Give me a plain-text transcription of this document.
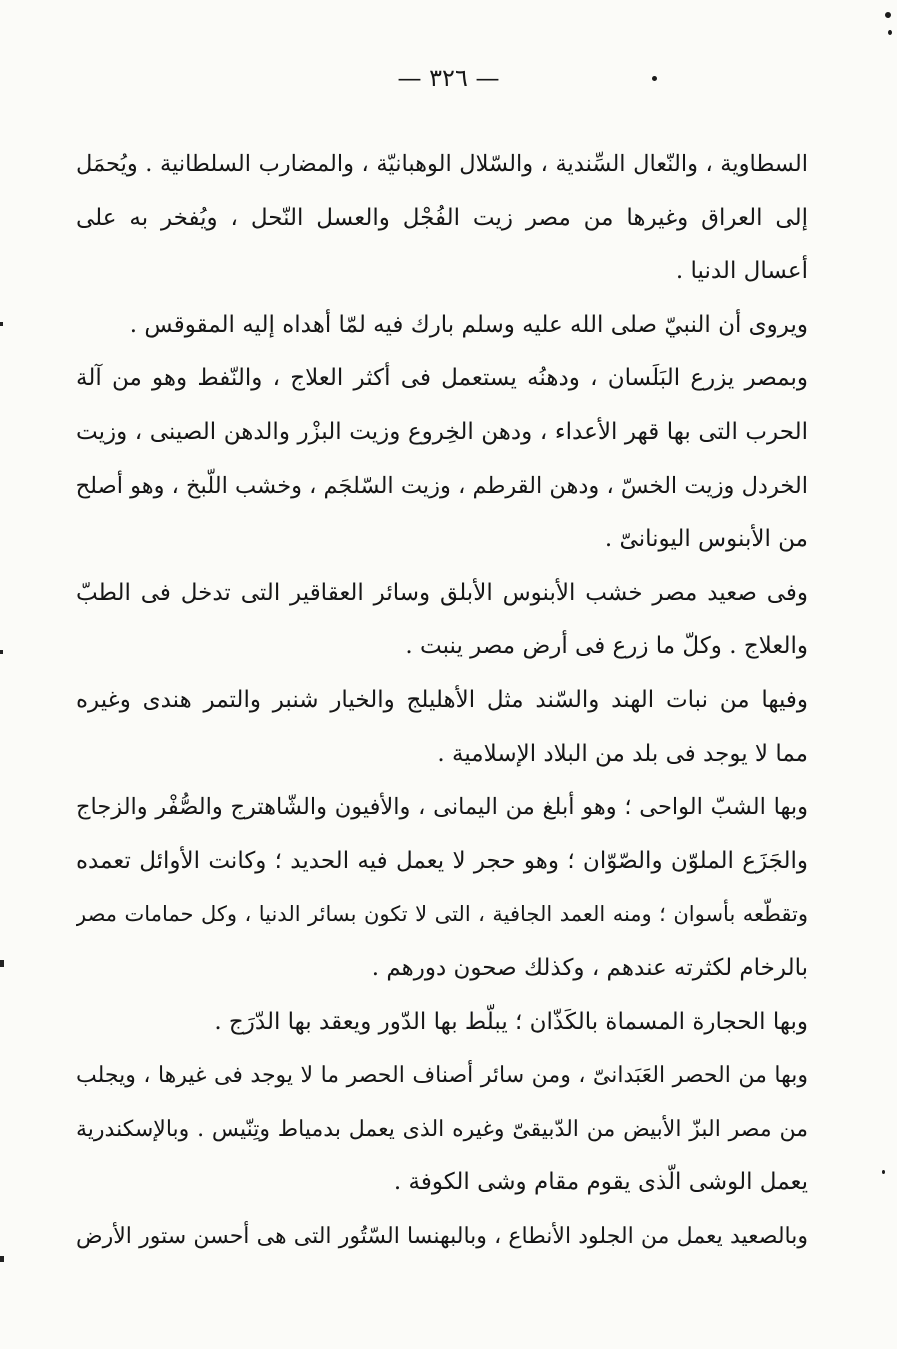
— ٣٢٦ —
السطاوية ، والنّعال السِّندية ، والسّلال الوهبانيّة ، والمضارب السلطانية . ويُحمَل
إلى العراق وغيرها من مصر زيت الفُجْل والعسل النّحل ، ويُفخر به على
أعسال الدنيا .
ويروى أن النبيّ صلى الله عليه وسلم بارك فيه لمّا أهداه إليه المقوقس .
وبمصر يزرع البَلَسان ، ودهنُه يستعمل فى أكثر العلاج ، والنّفط وهو من آلة
الحرب التى بها قهر الأعداء ، ودهن الخِروع وزيت البزْر والدهن الصينى ، وزيت
الخردل وزيت الخسّ ، ودهن القرطم ، وزيت السّلجَم ، وخشب اللّبخ ، وهو أصلح
من الأبنوس اليونانىّ .
وفى صعيد مصر خشب الأبنوس الأبلق وسائر العقاقير التى تدخل فى الطبّ
والعلاج . وكلّ ما زرع فى أرض مصر ينبت .
وفيها من نبات الهند والسّند مثل الأهليلج والخيار شنبر والتمر هندى وغيره
مما لا يوجد فى بلد من البلاد الإسلامية .
وبها الشبّ الواحى ؛ وهو أبلغ من اليمانى ، والأفيون والشّاهترج والصُّفْر والزجاج
والجَزَع الملوّن والصّوّان ؛ وهو حجر لا يعمل فيه الحديد ؛ وكانت الأوائل تعمده
وتقطّعه بأسوان ؛ ومنه العمد الجافية ، التى لا تكون بسائر الدنيا ، وكل حمامات مصر
بالرخام لكثرته عندهم ، وكذلك صحون دورهم .
وبها الحجارة المسماة بالكَذّان ؛ يبلّط بها الدّور ويعقد بها الدّرَج .
وبها من الحصر العَبَدانىّ ، ومن سائر أصناف الحصر ما لا يوجد فى غيرها ، ويجلب
من مصر البزّ الأبيض من الدّبيقىّ وغيره الذى يعمل بدمياط وتِنّيس . وبالإسكندرية
يعمل الوشى الّذى يقوم مقام وشى الكوفة .
وبالصعيد يعمل من الجلود الأنطاع ، وبالبهنسا السّتُور التى هى أحسن ستور الأرض
